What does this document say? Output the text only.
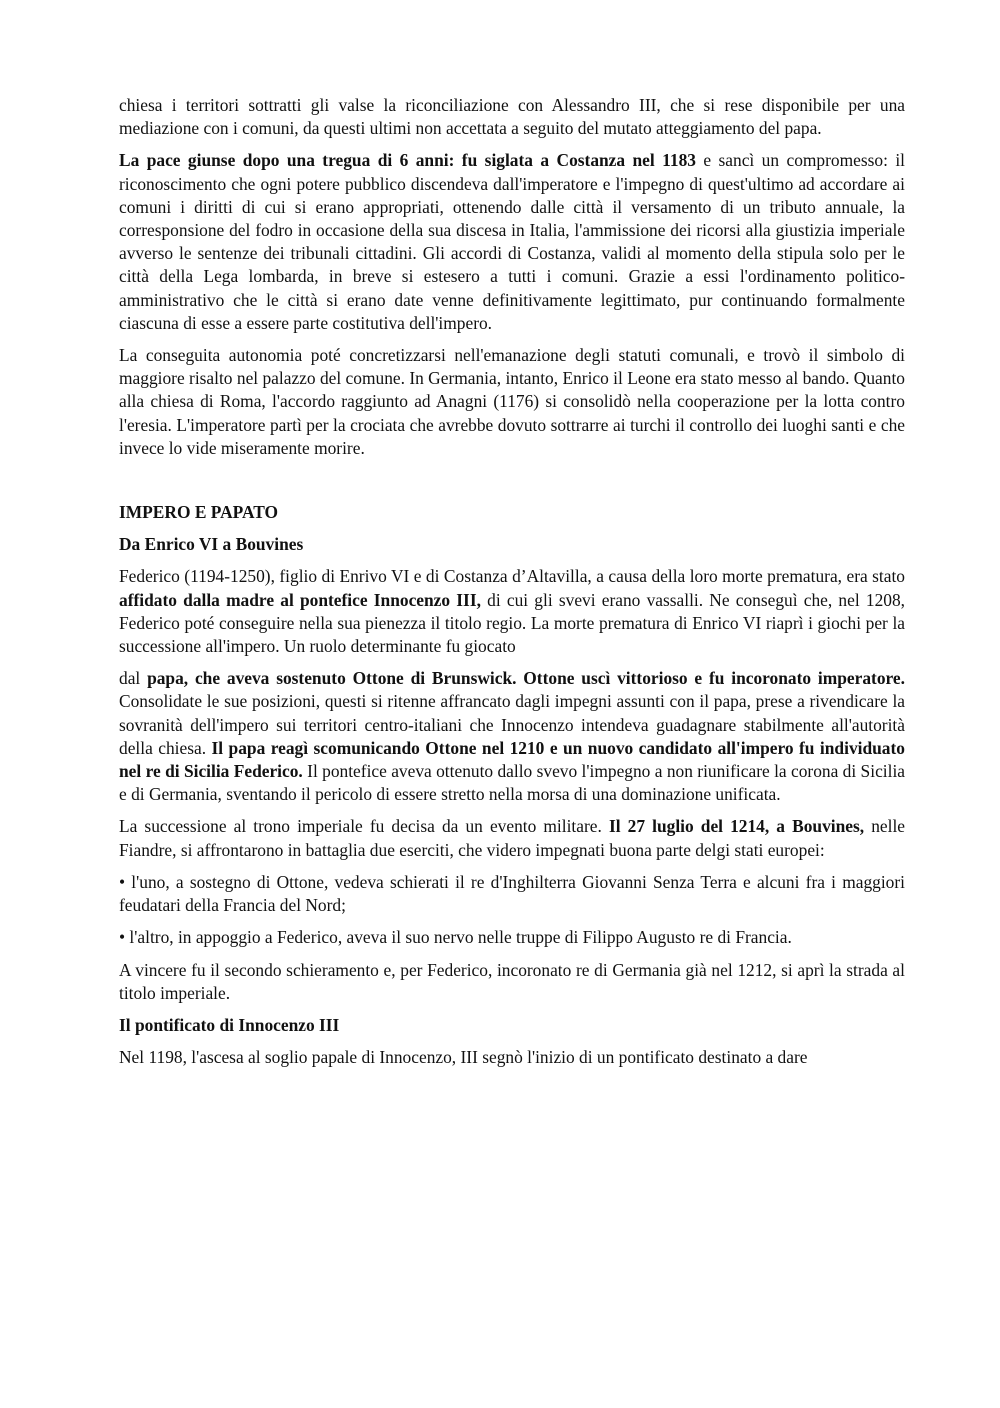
chiesa i territori sottratti gli valse la riconciliazione con Alessandro III, che si rese disponibile per una mediazione con i comuni, da questi ultimi non accettata a seguito del mutato atteggiamento del papa.

La pace giunse dopo una tregua di 6 anni: fu siglata a Costanza nel 1183 e sancì un compromesso: il riconoscimento che ogni potere pubblico discendeva dall'imperatore e l'impegno di quest'ultimo ad accordare ai comuni i diritti di cui si erano appropriati, ottenendo dalle città il versamento di un tributo annuale, la corresponsione del fodro in occasione della sua discesa in Italia, l'ammissione dei ricorsi alla giustizia imperiale avverso le sentenze dei tribunali cittadini. Gli accordi di Costanza, validi al momento della stipula solo per le città della Lega lombarda, in breve si estesero a tutti i comuni. Grazie a essi l'ordinamento politico-amministrativo che le città si erano date venne definitivamente legittimato, pur continuando formalmente ciascuna di esse a essere parte costitutiva dell'impero.

La conseguita autonomia poté concretizzarsi nell'emanazione degli statuti comunali, e trovò il simbolo di maggiore risalto nel palazzo del comune. In Germania, intanto, Enrico il Leone era stato messo al bando. Quanto alla chiesa di Roma, l'accordo raggiunto ad Anagni (1176) si consolidò nella cooperazione per la lotta contro l'eresia. L'imperatore partì per la crociata che avrebbe dovuto sottrarre ai turchi il controllo dei luoghi santi e che invece lo vide miseramente morire.

IMPERO E PAPATO
Da Enrico VI a Bouvines

Federico (1194-1250), figlio di Enrivo VI e di Costanza d’Altavilla, a causa della loro morte prematura, era stato affidato dalla madre al pontefice Innocenzo III, di cui gli svevi erano vassalli. Ne conseguì che, nel 1208, Federico poté conseguire nella sua pienezza il titolo regio. La morte prematura di Enrico VI riaprì i giochi per la successione all'impero. Un ruolo determinante fu giocato

dal papa, che aveva sostenuto Ottone di Brunswick. Ottone uscì vittorioso e fu incoronato imperatore. Consolidate le sue posizioni, questi si ritenne affrancato dagli impegni assunti con il papa, prese a rivendicare la sovranità dell'impero sui territori centro-italiani che Innocenzo intendeva guadagnare stabilmente all'autorità della chiesa. Il papa reagì scomunicando Ottone nel 1210 e un nuovo candidato all'impero fu individuato nel re di Sicilia Federico. Il pontefice aveva ottenuto dallo svevo l'impegno a non riunificare la corona di Sicilia e di Germania, sventando il pericolo di essere stretto nella morsa di una dominazione unificata.

La successione al trono imperiale fu decisa da un evento militare. Il 27 luglio del 1214, a Bouvines, nelle Fiandre, si affrontarono in battaglia due eserciti, che videro impegnati buona parte delgi stati europei:

• l'uno, a sostegno di Ottone, vedeva schierati il re d'Inghilterra Giovanni Senza Terra e alcuni fra i maggiori feudatari della Francia del Nord;

• l'altro, in appoggio a Federico, aveva il suo nervo nelle truppe di Filippo Augusto re di Francia.

A vincere fu il secondo schieramento e, per Federico, incoronato re di Germania già nel 1212, si aprì la strada al titolo imperiale.

Il pontificato di Innocenzo III

Nel 1198, l'ascesa al soglio papale di Innocenzo, III segnò l'inizio di un pontificato destinato a dare
